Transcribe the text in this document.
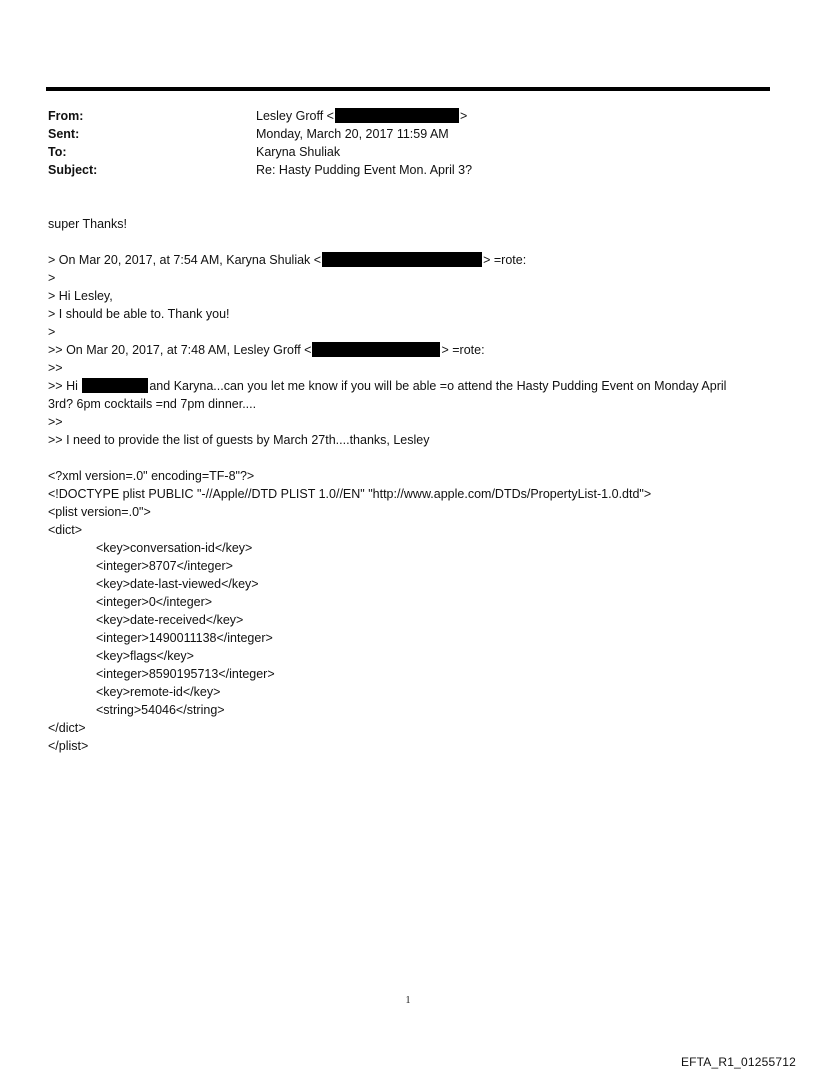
From:	Lesley Groff <	>
Sent:	Monday, March 20, 2017 11:59 AM
To:	Karyna Shuliak
Subject:	Re: Hasty Pudding Event Mon. April 3?
super Thanks!
> On Mar 20, 2017, at 7:54 AM, Karyna Shuliak <	> =rote:
>
> Hi Lesley,
> I should be able to. Thank you!
>
>> On Mar 20, 2017, at 7:48 AM, Lesley Groff <	> =rote:
>>
>> Hi	and Karyna...can you let me know if you will be able =o attend the Hasty Pudding Event on Monday April 3rd? 6pm cocktails =nd 7pm dinner....
>>
>> I need to provide the list of guests by March 27th....thanks, Lesley
<?xml version=.0" encoding=TF-8"?>
<!DOCTYPE plist PUBLIC "-//Apple//DTD PLIST 1.0//EN" "http://www.apple.com/DTDs/PropertyList-1.0.dtd">
<plist version=.0">
<dict>
<key>conversation-id</key>
<integer>8707</integer>
<key>date-last-viewed</key>
<integer>0</integer>
<key>date-received</key>
<integer>1490011138</integer>
<key>flags</key>
<integer>8590195713</integer>
<key>remote-id</key>
<string>54046</string>
</dict>
</plist>
1
EFTA_R1_01255712
